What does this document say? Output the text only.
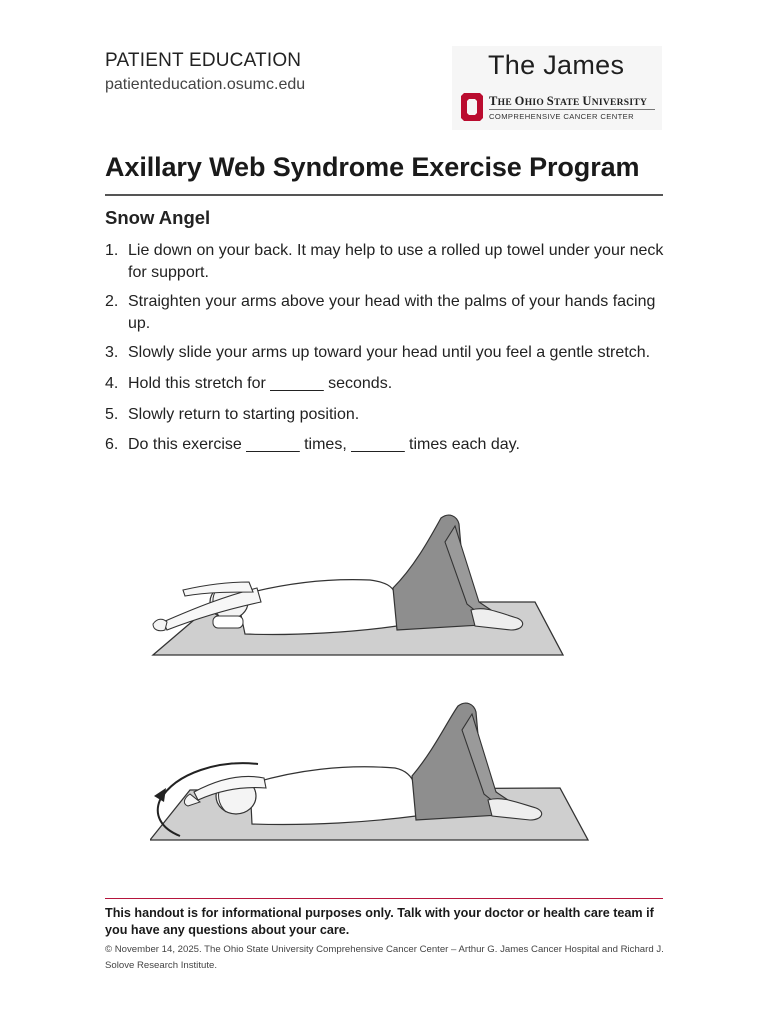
PATIENT EDUCATION
patienteducation.osumc.edu
The James
THE OHIO STATE UNIVERSITY
COMPREHENSIVE CANCER CENTER
Axillary Web Syndrome Exercise Program
Snow Angel
1. Lie down on your back. It may help to use a rolled up towel under your neck for support.
2. Straighten your arms above your head with the palms of your hands facing up.
3. Slowly slide your arms up toward your head until you feel a gentle stretch.
4. Hold this stretch for ______ seconds.
5. Slowly return to starting position.
6. Do this exercise ______ times, ______ times each day.
This handout is for informational purposes only. Talk with your doctor or health care team if you have any questions about your care.
© November 14, 2025. The Ohio State University Comprehensive Cancer Center – Arthur G. James Cancer Hospital and Richard J. Solove Research Institute.
